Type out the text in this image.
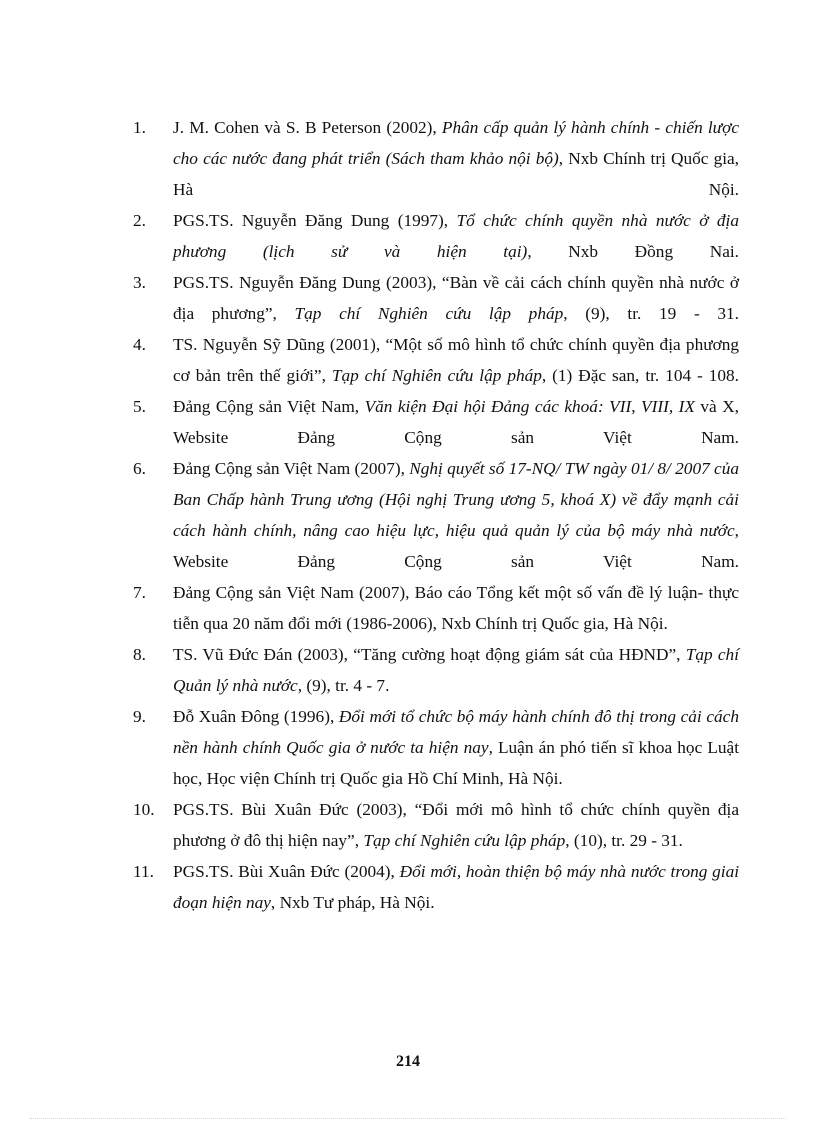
1. J. M. Cohen và S. B Peterson (2002), Phân cấp quản lý hành chính - chiến lược cho các nước đang phát triển (Sách tham khảo nội bộ), Nxb Chính trị Quốc gia, Hà Nội.
2. PGS.TS. Nguyễn Đăng Dung (1997), Tổ chức chính quyền nhà nước ở địa phương (lịch sử và hiện tại), Nxb Đồng Nai.
3. PGS.TS. Nguyễn Đăng Dung (2003), “Bàn về cải cách chính quyền nhà nước ở địa phương”, Tạp chí Nghiên cứu lập pháp, (9), tr. 19 - 31.
4. TS. Nguyễn Sỹ Dũng (2001), “Một số mô hình tổ chức chính quyền địa phương cơ bản trên thế giới”, Tạp chí Nghiên cứu lập pháp, (1) Đặc san, tr. 104 - 108.
5. Đảng Cộng sản Việt Nam, Văn kiện Đại hội Đảng các khoá: VII, VIII, IX và X, Website Đảng Cộng sản Việt Nam.
6. Đảng Cộng sản Việt Nam (2007), Nghị quyết số 17-NQ/ TW ngày 01/ 8/ 2007 của Ban Chấp hành Trung ương (Hội nghị Trung ương 5, khoá X) về đẩy mạnh cải cách hành chính, nâng cao hiệu lực, hiệu quả quản lý của bộ máy nhà nước, Website Đảng Cộng sản Việt Nam.
7. Đảng Cộng sản Việt Nam (2007), Báo cáo Tổng kết một số vấn đề lý luận- thực tiễn qua 20 năm đổi mới (1986-2006), Nxb Chính trị Quốc gia, Hà Nội.
8. TS. Vũ Đức Đán (2003), “Tăng cường hoạt động giám sát của HĐND”, Tạp chí Quản lý nhà nước, (9), tr. 4 - 7.
9. Đỗ Xuân Đông (1996), Đổi mới tổ chức bộ máy hành chính đô thị trong cải cách nền hành chính Quốc gia ở nước ta hiện nay, Luận án phó tiến sĩ khoa học Luật học, Học viện Chính trị Quốc gia Hồ Chí Minh, Hà Nội.
10. PGS.TS. Bùi Xuân Đức (2003), “Đổi mới mô hình tổ chức chính quyền địa phương ở đô thị hiện nay”, Tạp chí Nghiên cứu lập pháp, (10), tr. 29 - 31.
11. PGS.TS. Bùi Xuân Đức (2004), Đổi mới, hoàn thiện bộ máy nhà nước trong giai đoạn hiện nay, Nxb Tư pháp, Hà Nội.
214
